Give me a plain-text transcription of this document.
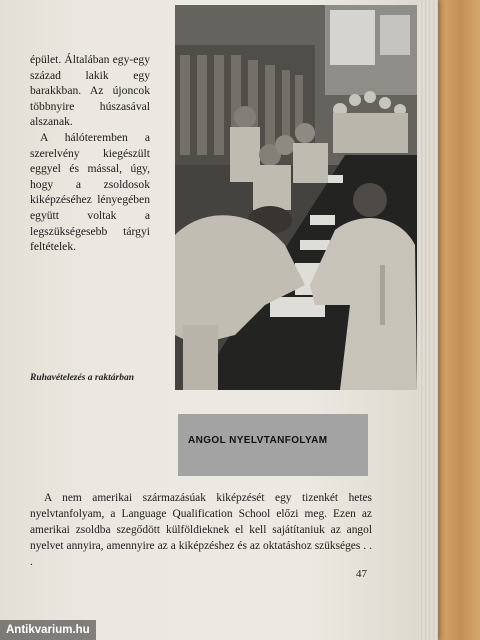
épület. Általában egy-egy század lakik egy barakkban. Az újoncok többnyire húszasával alszanak.

A hálóteremben a szerelvény kiegészült eggyel és mással, úgy, hogy a zsoldosok kiképzéséhez lényegében együtt voltak a legszükségesebb tárgyi feltételek.

Ruhavételezés a raktárban
ANGOL NYELVTANFOLYAM

A nem amerikai származásúak kiképzését egy tizenkét hetes nyelvtanfolyam, a Language Qualification School előzi meg. Ezen az amerikai zsoldba szegődött külföldieknek el kell sajátítaniuk az angol nyelvet annyira, amennyire az a kiképzéshez és az oktatáshoz szükséges . . .

47
Antikvarium.hu
